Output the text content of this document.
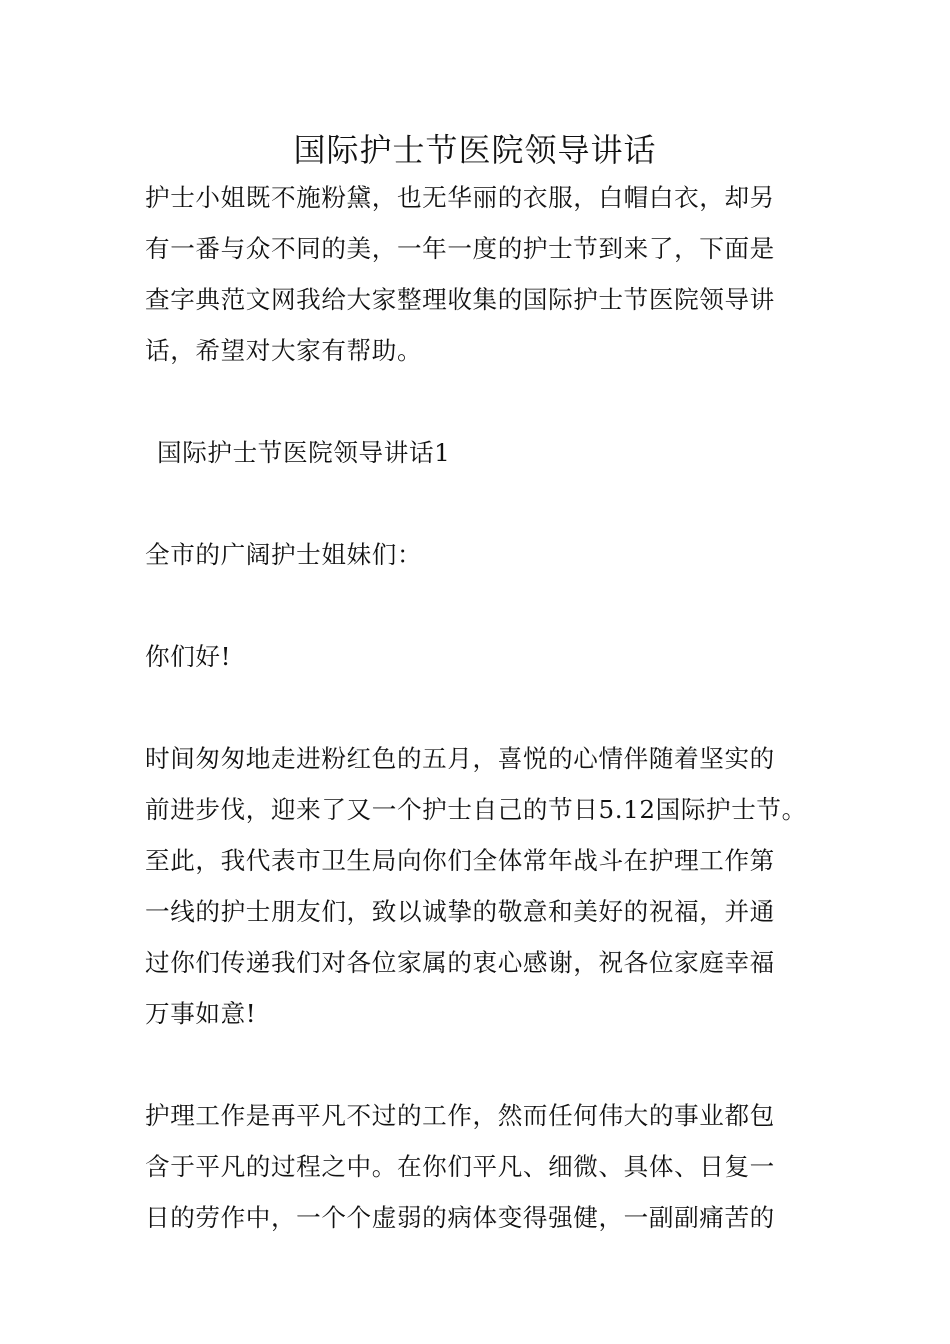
国际护士节医院领导讲话
护士小姐既不施粉黛，也无华丽的衣服，白帽白衣，却另
有一番与众不同的美，一年一度的护士节到来了，下面是
查字典范文网我给大家整理收集的国际护士节医院领导讲
话，希望对大家有帮助。
国际护士节医院领导讲话1
全市的广阔护士姐妹们：
你们好!
时间匆匆地走进粉红色的五月，喜悦的心情伴随着坚实的
前进步伐，迎来了又一个护士自己的节日5.12国际护士节。
至此，我代表市卫生局向你们全体常年战斗在护理工作第
一线的护士朋友们，致以诚挚的敬意和美好的祝福，并通
过你们传递我们对各位家属的衷心感谢，祝各位家庭幸福
万事如意!
护理工作是再平凡不过的工作，然而任何伟大的事业都包
含于平凡的过程之中。在你们平凡、细微、具体、日复一
日的劳作中，一个个虚弱的病体变得强健，一副副痛苦的
